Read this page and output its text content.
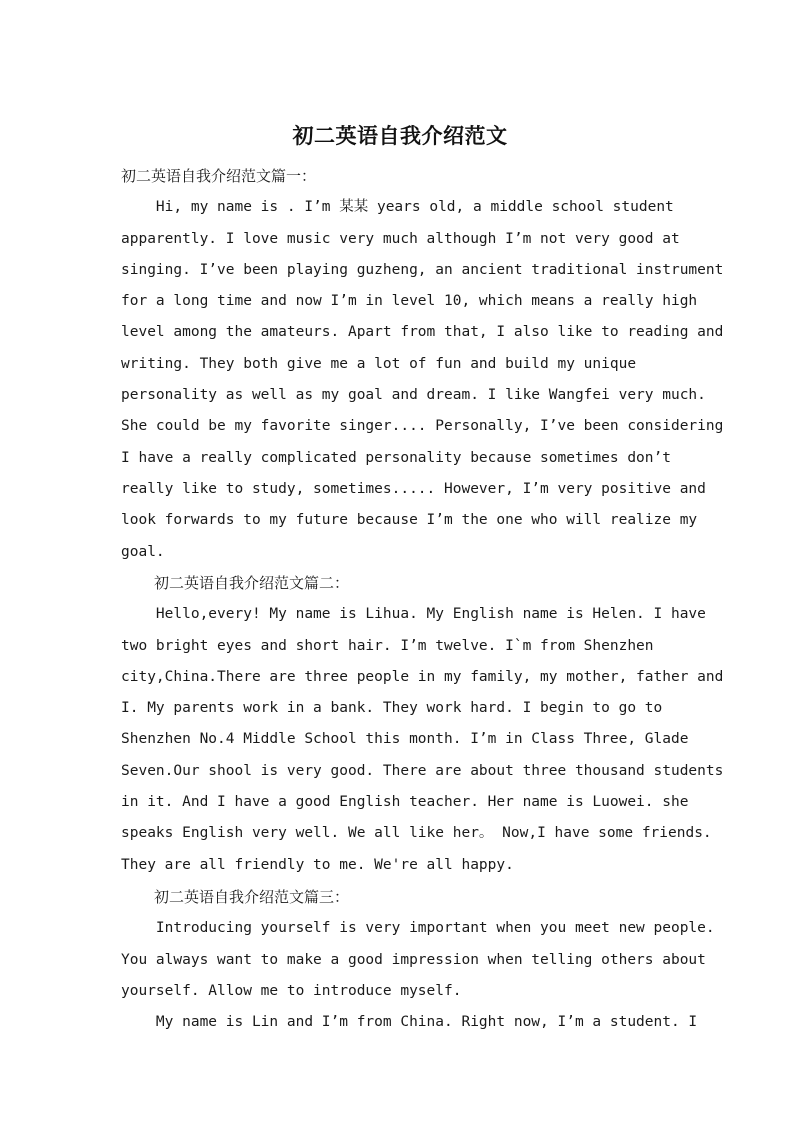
初二英语自我介绍范文
初二英语自我介绍范文篇一：
Hi, my name is . I’m 某某 years old, a middle school student
apparently. I love music very much although I’m not very good at
singing. I’ve been playing guzheng, an ancient traditional instrument
for a long time and now I’m in level 10, which means a really high
level among the amateurs. Apart from that, I also like to reading and
writing. They both give me a lot of fun and build my unique
personality as well as my goal and dream. I like Wangfei very much.
She could be my favorite singer.... Personally, I’ve been considering
I have a really complicated personality because sometimes don’t
really like to study, sometimes..... However, I’m very positive and
look forwards to my future because I’m the one who will realize my
goal.
初二英语自我介绍范文篇二：
Hello,every! My name is Lihua. My English name is Helen. I have
two bright eyes and short hair. I’m twelve. I`m from Shenzhen
city,China.There are three people in my family, my mother, father and
I. My parents work in a bank. They work hard. I begin to go to
Shenzhen No.4 Middle School this month. I’m in Class Three, Glade
Seven.Our shool is very good. There are about three thousand students
in it. And I have a good English teacher. Her name is Luowei. she
speaks English very well. We all like her。 Now,I have some friends.
They are all friendly to me. We're all happy.
初二英语自我介绍范文篇三：
Introducing yourself is very important when you meet new people.
You always want to make a good impression when telling others about
yourself. Allow me to introduce myself.
My name is Lin and I’m from China. Right now, I’m a student. I
